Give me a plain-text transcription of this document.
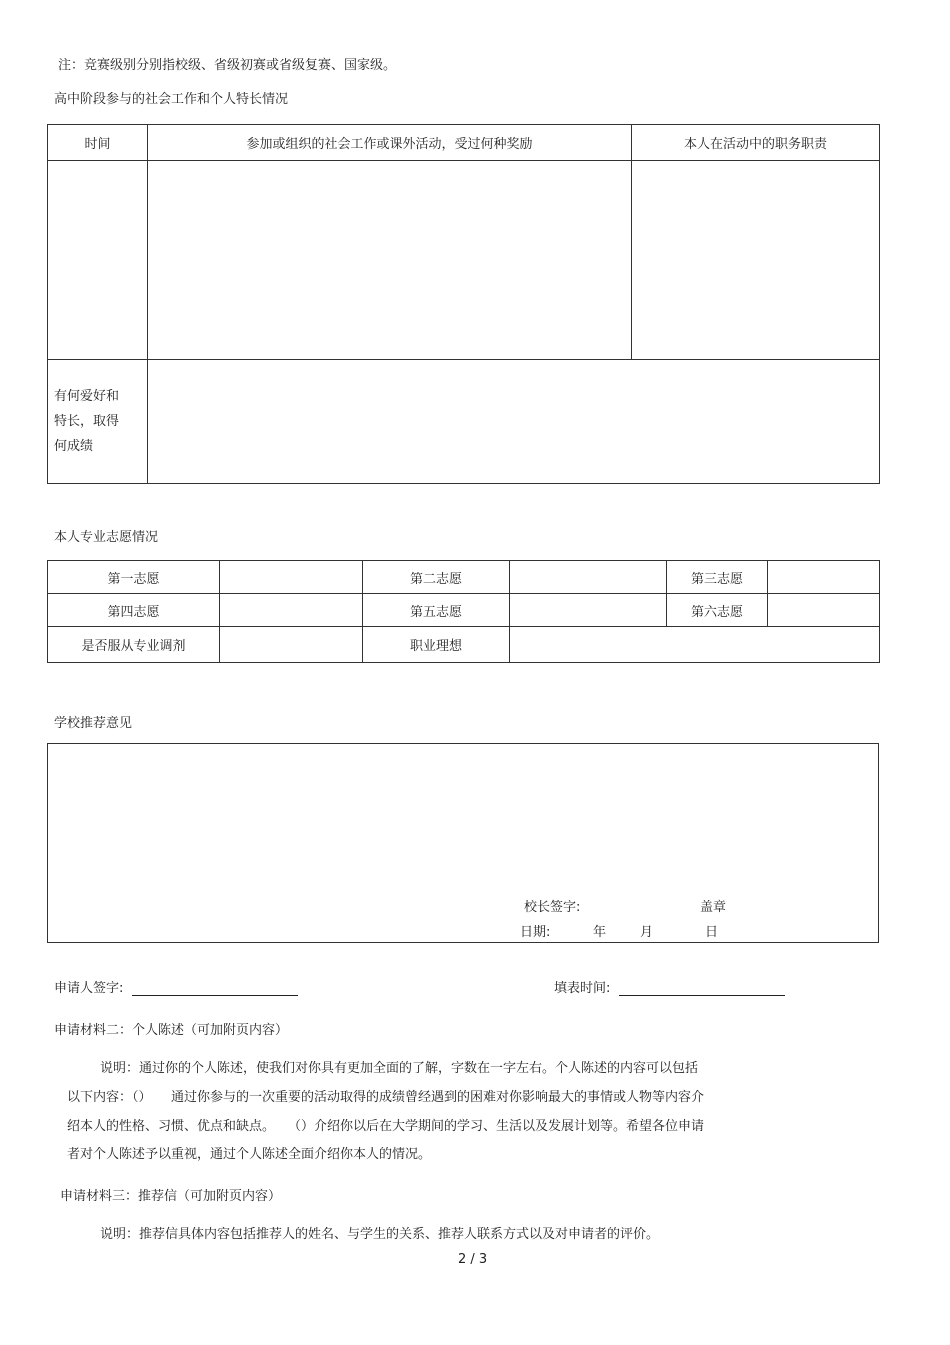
注：竞赛级别分别指校级、省级初赛或省级复赛、国家级。
高中阶段参与的社会工作和个人特长情况
时间	参加或组织的社会工作或课外活动，受过何种奖励	本人在活动中的职务职责

有何爱好和
特长，取得
何成绩		

本人专业志愿情况
第一志愿		第二志愿		第三志愿	
第四志愿		第五志愿		第六志愿	
是否服从专业调剂		职业理想			
学校推荐意见
校长签字:	盖章
日期:	年	月	日
申请人签字:	填表时间:
申请材料二：个人陈述（可加附页内容）
说明：通过你的个人陈述，使我们对你具有更加全面的了解，字数在一字左右。个人陈述的内容可以包括
以下内容：（）　　通过你参与的一次重要的活动取得的成绩曾经遇到的困难对你影响最大的事情或人物等内容介
绍本人的性格、习惯、优点和缺点。　　（）介绍你以后在大学期间的学习、生活以及发展计划等。希望各位申请
者对个人陈述予以重视，通过个人陈述全面介绍你本人的情况。
申请材料三：推荐信（可加附页内容）
说明：推荐信具体内容包括推荐人的姓名、与学生的关系、推荐人联系方式以及对申请者的评价。
2 / 3
